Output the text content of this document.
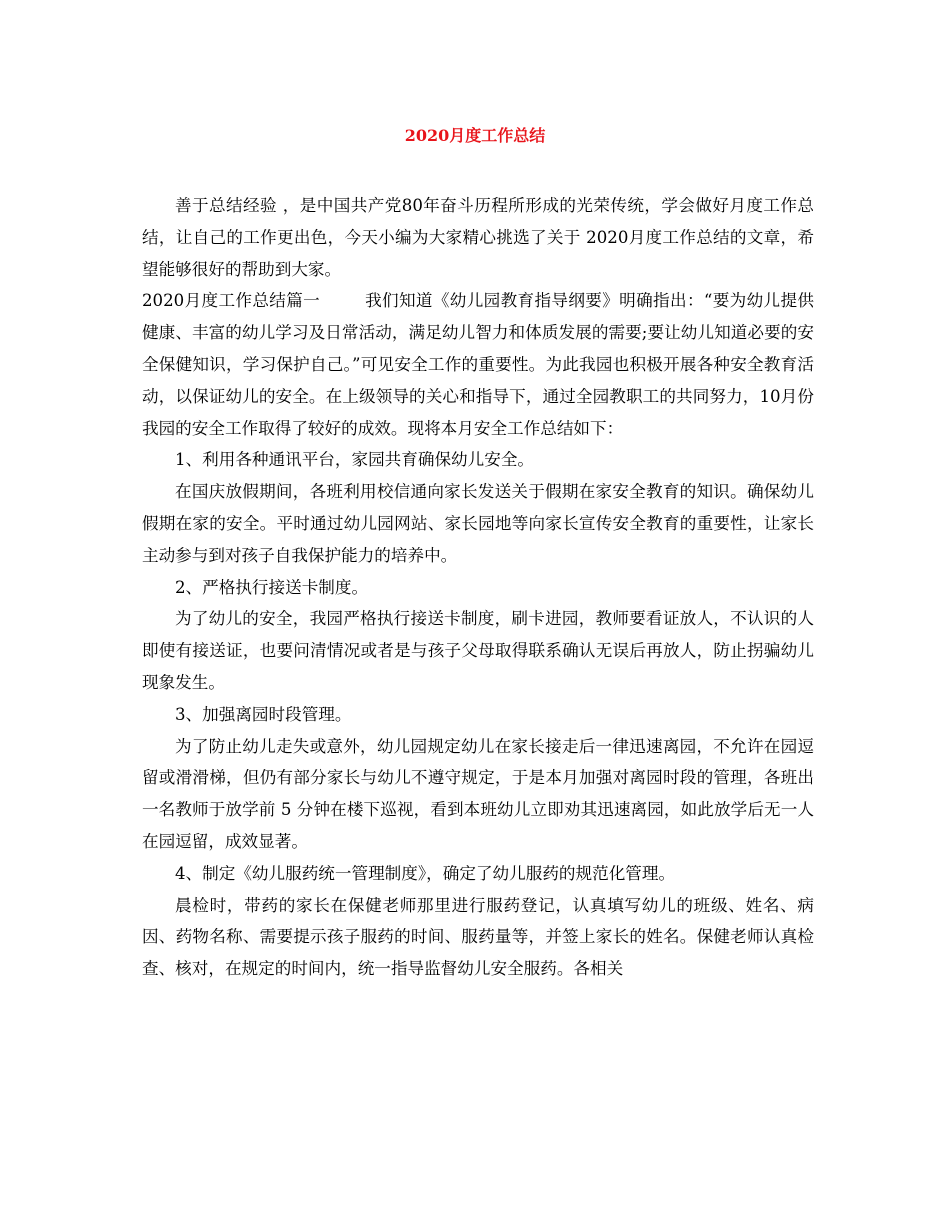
2020月度工作总结

善于总结经验 ，是中国共产党80年奋斗历程所形成的光荣传统，学会做好月度工作总结，让自己的工作更出色，今天小编为大家精心挑选了关于 2020月度工作总结的文章，希望能够很好的帮助到大家。

2020月度工作总结篇一	我们知道《幼儿园教育指导纲要》明确指出：“要为幼儿提供健康、丰富的幼儿学习及日常活动，满足幼儿智力和体质发展的需要;要让幼儿知道必要的安全保健知识，学习保护自己。”可见安全工作的重要性。为此我园也积极开展各种安全教育活动，以保证幼儿的安全。在上级领导的关心和指导下，通过全园教职工的共同努力，10月份我园的安全工作取得了较好的成效。现将本月安全工作总结如下：

1、利用各种通讯平台，家园共育确保幼儿安全。

在国庆放假期间，各班利用校信通向家长发送关于假期在家安全教育的知识。确保幼儿假期在家的安全。平时通过幼儿园网站、家长园地等向家长宣传安全教育的重要性，让家长主动参与到对孩子自我保护能力的培养中。

2、严格执行接送卡制度。

为了幼儿的安全，我园严格执行接送卡制度，刷卡进园，教师要看证放人，不认识的人即使有接送证，也要问清情况或者是与孩子父母取得联系确认无误后再放人，防止拐骗幼儿现象发生。

3、加强离园时段管理。

为了防止幼儿走失或意外，幼儿园规定幼儿在家长接走后一律迅速离园，不允许在园逗留或滑滑梯，但仍有部分家长与幼儿不遵守规定，于是本月加强对离园时段的管理，各班出一名教师于放学前 5 分钟在楼下巡视，看到本班幼儿立即劝其迅速离园，如此放学后无一人在园逗留，成效显著。

4、制定《幼儿服药统一管理制度》，确定了幼儿服药的规范化管理。

晨检时，带药的家长在保健老师那里进行服药登记，认真填写幼儿的班级、姓名、病因、药物名称、需要提示孩子服药的时间、服药量等，并签上家长的姓名。保健老师认真检查、核对，在规定的时间内，统一指导监督幼儿安全服药。各相关
